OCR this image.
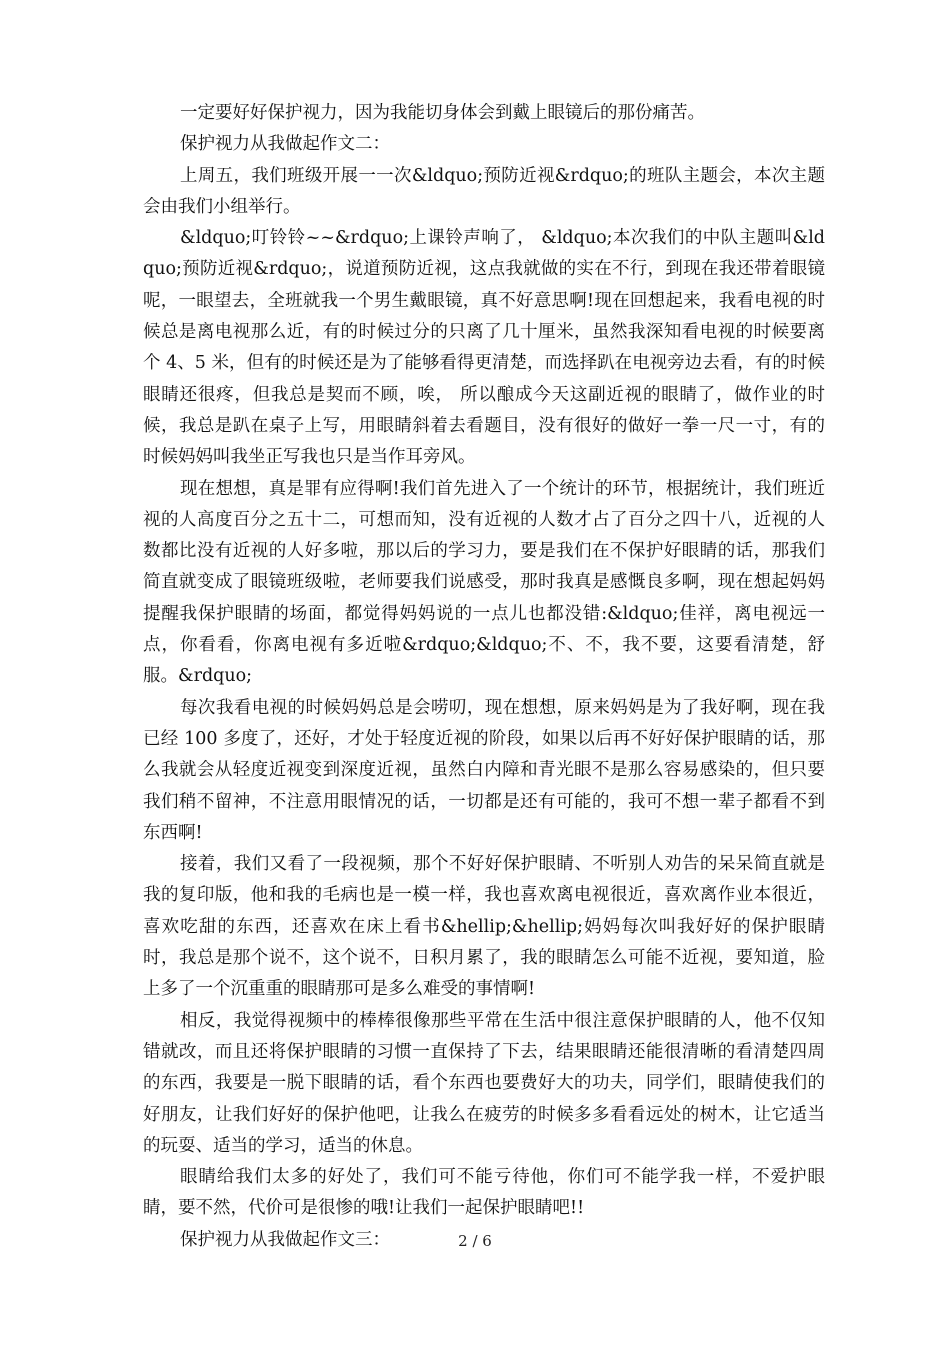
一定要好好保护视力，因为我能切身体会到戴上眼镜后的那份痛苦。

保护视力从我做起作文二：

上周五，我们班级开展一一次&ldquo;预防近视&rdquo;的班队主题会，本次主题会由我们小组举行。

&ldquo;叮铃铃~~&rdquo;上课铃声响了， &ldquo;本次我们的中队主题叫&ldquo;预防近视&rdquo;，说道预防近视，这点我就做的实在不行，到现在我还带着眼镜呢，一眼望去，全班就我一个男生戴眼镜，真不好意思啊!现在回想起来，我看电视的时候总是离电视那么近，有的时候过分的只离了几十厘米，虽然我深知看电视的时候要离个 4、5 米，但有的时候还是为了能够看得更清楚，而选择趴在电视旁边去看，有的时候眼睛还很疼，但我总是契而不顾，唉， 所以酿成今天这副近视的眼睛了，做作业的时候，我总是趴在桌子上写，用眼睛斜着去看题目，没有很好的做好一拳一尺一寸，有的时候妈妈叫我坐正写我也只是当作耳旁风。

现在想想，真是罪有应得啊!我们首先进入了一个统计的环节，根据统计，我们班近视的人高度百分之五十二，可想而知，没有近视的人数才占了百分之四十八，近视的人数都比没有近视的人好多啦，那以后的学习力，要是我们在不保护好眼睛的话，那我们简直就变成了眼镜班级啦，老师要我们说感受，那时我真是感慨良多啊，现在想起妈妈提醒我保护眼睛的场面，都觉得妈妈说的一点儿也都没错:&ldquo;佳祥，离电视远一点，你看看，你离电视有多近啦&rdquo;&ldquo;不、不，我不要，这要看清楚，舒服。&rdquo;

每次我看电视的时候妈妈总是会唠叨，现在想想，原来妈妈是为了我好啊，现在我已经 100 多度了，还好，才处于轻度近视的阶段，如果以后再不好好保护眼睛的话，那么我就会从轻度近视变到深度近视，虽然白内障和青光眼不是那么容易感染的，但只要我们稍不留神，不注意用眼情况的话，一切都是还有可能的，我可不想一辈子都看不到东西啊!

接着，我们又看了一段视频，那个不好好保护眼睛、不听别人劝告的呆呆简直就是我的复印版，他和我的毛病也是一模一样，我也喜欢离电视很近，喜欢离作业本很近，喜欢吃甜的东西，还喜欢在床上看书&hellip;&hellip;妈妈每次叫我好好的保护眼睛时，我总是那个说不，这个说不，日积月累了，我的眼睛怎么可能不近视，要知道，脸上多了一个沉重重的眼睛那可是多么难受的事情啊!

相反，我觉得视频中的棒棒很像那些平常在生活中很注意保护眼睛的人，他不仅知错就改，而且还将保护眼睛的习惯一直保持了下去，结果眼睛还能很清晰的看清楚四周的东西，我要是一脱下眼睛的话，看个东西也要费好大的功夫，同学们，眼睛使我们的好朋友，让我们好好的保护他吧，让我么在疲劳的时候多多看看远处的树木，让它适当的玩耍、适当的学习，适当的休息。

眼睛给我们太多的好处了，我们可不能亏待他，你们可不能学我一样，不爱护眼睛，要不然，代价可是很惨的哦!让我们一起保护眼睛吧!!

保护视力从我做起作文三：	2 / 6
